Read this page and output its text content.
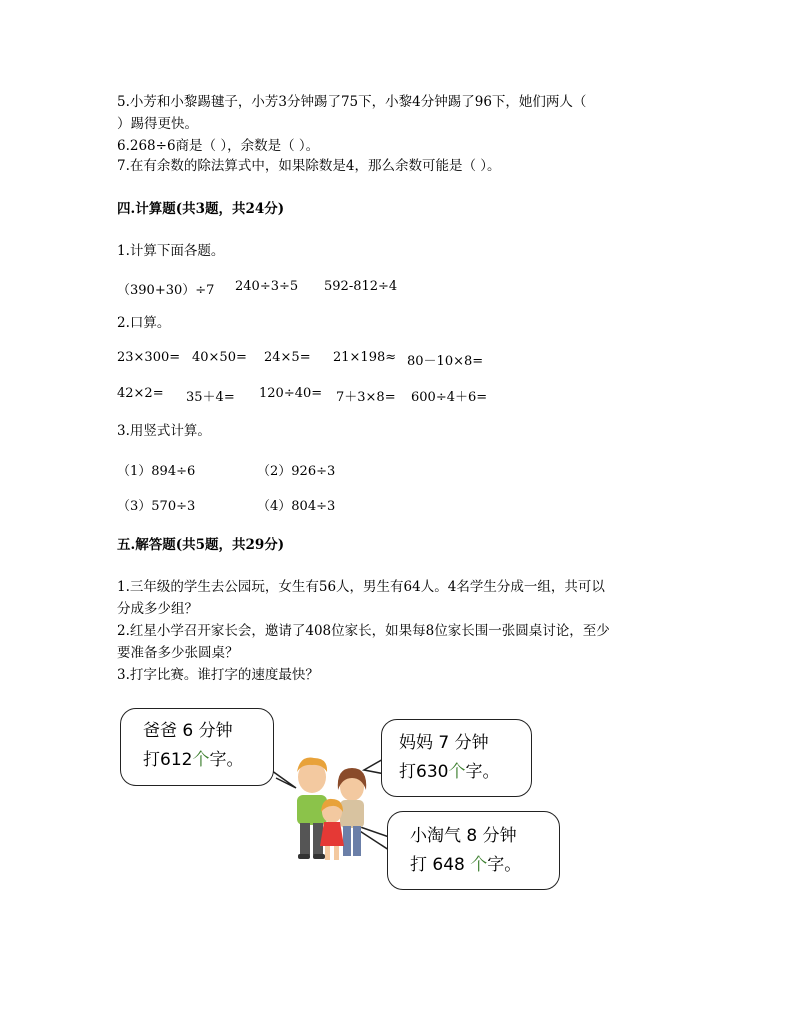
5.小芳和小黎踢毽子，小芳3分钟踢了75下，小黎4分钟踢了96下，她们两人（
）踢得更快。
6.268÷6商是（ ），余数是（ ）。
7.在有余数的除法算式中，如果除数是4，那么余数可能是（ ）。
四.计算题(共3题，共24分)
1.计算下面各题。
（390+30）÷7 240÷3÷5 592-812÷4
2.口算。
23×300= 40×50= 24×5= 21×198≈ 80－10×8=
42×2= 35＋4= 120÷40= 7＋3×8= 600÷4＋6=
3.用竖式计算。
（1）894÷6	（2）926÷3
（3）570÷3	（4）804÷3
五.解答题(共5题，共29分)
1.三年级的学生去公园玩，女生有56人，男生有64人。4名学生分成一组，共可以
分成多少组？
2.红星小学召开家长会，邀请了408位家长，如果每8位家长围一张圆桌讨论，至少
要准备多少张圆桌？
3.打字比赛。谁打字的速度最快？
爸爸 6 分钟
打612个字。
妈妈 7 分钟
打630个字。
小淘气 8 分钟
打 648 个字。
